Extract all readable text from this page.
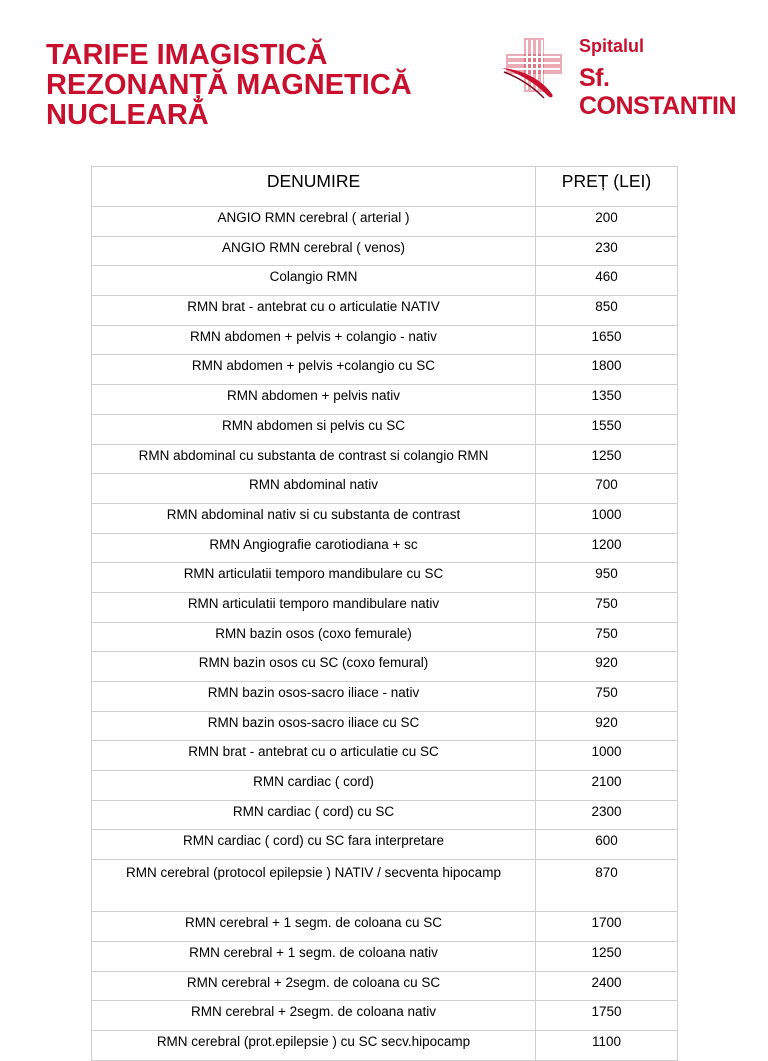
TARIFE IMAGISTICĂ
REZONANȚĂ MAGNETICĂ
NUCLEARĂ
Spitalul
Sf. CONSTANTIN
DENUMIRE	PREȚ (LEI)
ANGIO RMN cerebral ( arterial )	200
ANGIO RMN cerebral ( venos)	230
Colangio RMN	460
RMN brat - antebrat cu o articulatie NATIV	850
RMN abdomen + pelvis + colangio - nativ	1650
RMN abdomen + pelvis +colangio cu SC	1800
RMN abdomen + pelvis nativ	1350
RMN abdomen si pelvis cu SC	1550
RMN abdominal cu substanta de contrast si colangio RMN	1250
RMN abdominal nativ	700
RMN abdominal nativ si cu substanta de contrast	1000
RMN Angiografie carotiodiana + sc	1200
RMN articulatii temporo mandibulare cu SC	950
RMN articulatii temporo mandibulare nativ	750
RMN bazin osos (coxo femurale)	750
RMN bazin osos cu SC (coxo femural)	920
RMN bazin osos-sacro iliace - nativ	750
RMN bazin osos-sacro iliace cu SC	920
RMN brat - antebrat cu o articulatie cu SC	1000
RMN cardiac ( cord)	2100
RMN cardiac ( cord) cu SC	2300
RMN cardiac ( cord) cu SC fara interpretare	600
RMN cerebral (protocol epilepsie ) NATIV / secventa hipocamp	870
RMN cerebral + 1 segm. de coloana cu SC	1700
RMN cerebral + 1 segm. de coloana nativ	1250
RMN cerebral + 2segm. de coloana cu SC	2400
RMN cerebral + 2segm. de coloana nativ	1750
RMN cerebral (prot.epilepsie ) cu SC secv.hipocamp	1100
